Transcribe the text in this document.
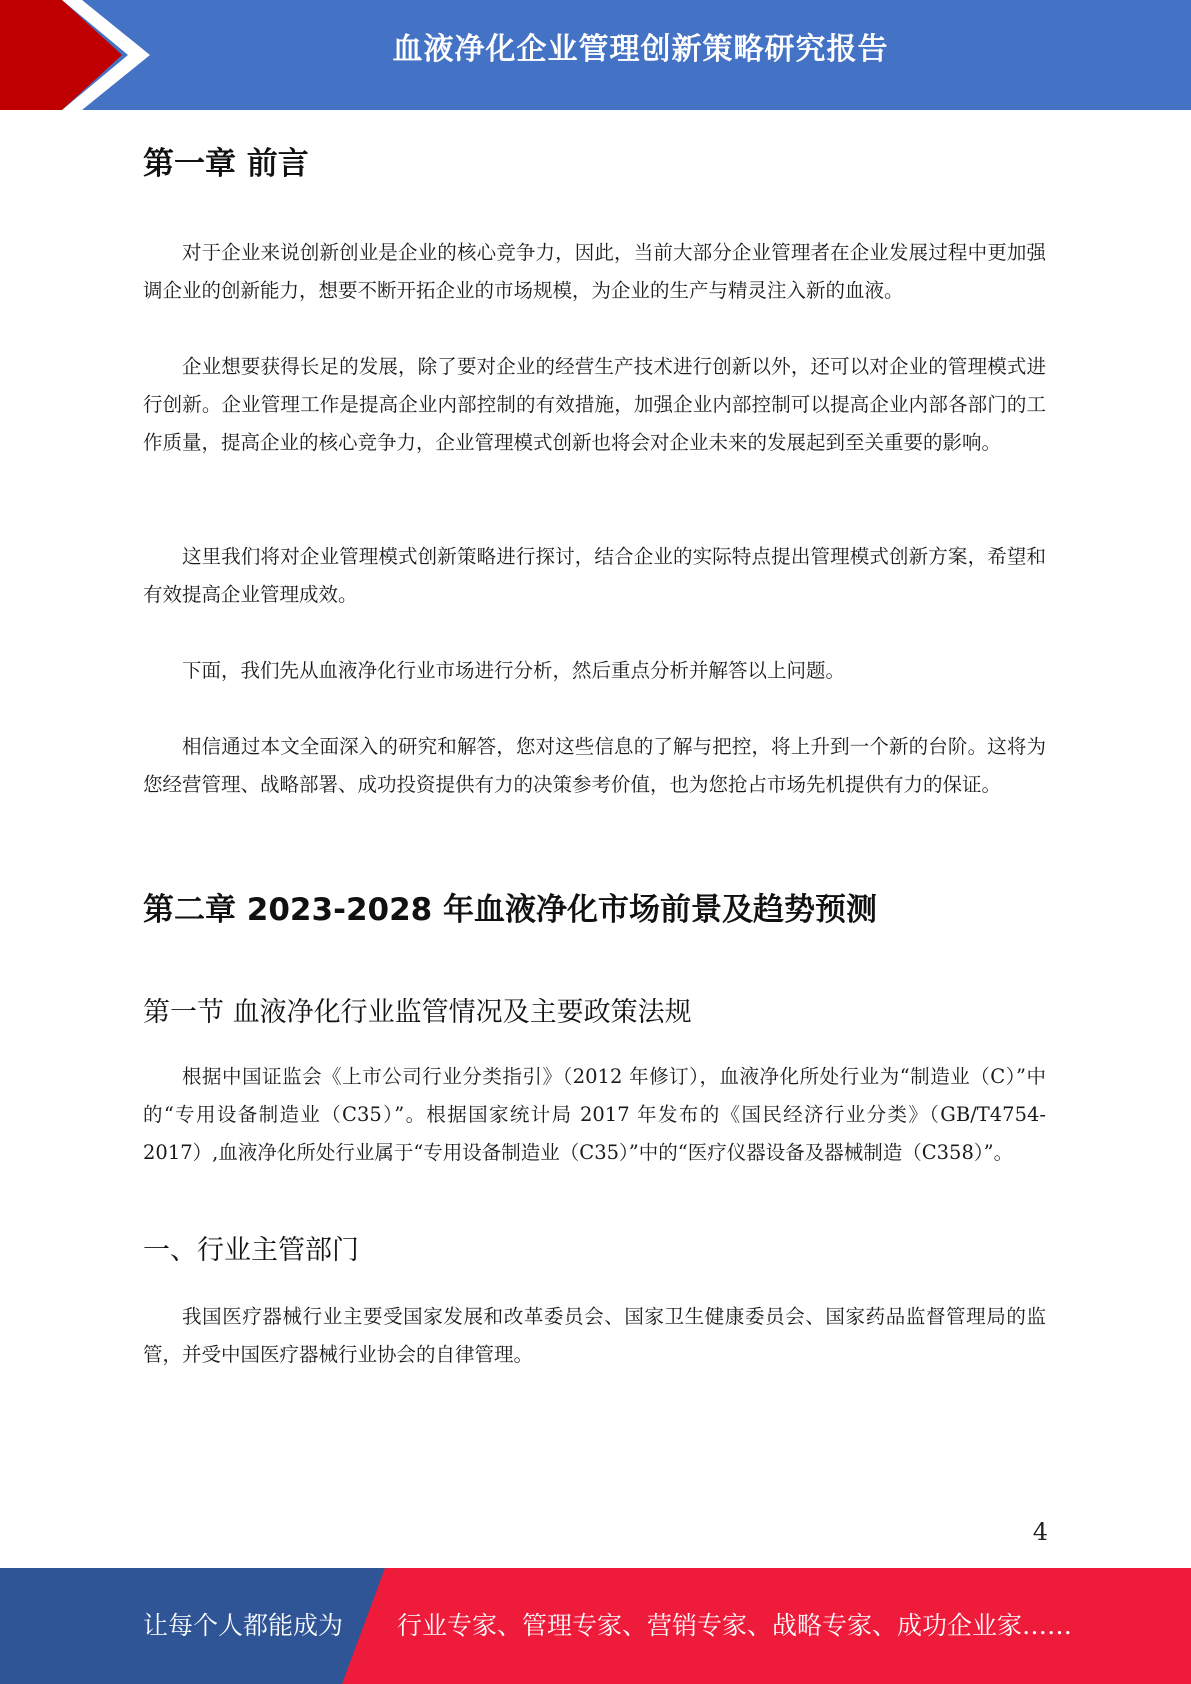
血液净化企业管理创新策略研究报告
第一章 前言

对于企业来说创新创业是企业的核心竞争力，因此，当前大部分企业管理者在企业发展过程中更加强调企业的创新能力，想要不断开拓企业的市场规模，为企业的生产与精灵注入新的血液。

企业想要获得长足的发展，除了要对企业的经营生产技术进行创新以外，还可以对企业的管理模式进行创新。企业管理工作是提高企业内部控制的有效措施，加强企业内部控制可以提高企业内部各部门的工作质量，提高企业的核心竞争力，企业管理模式创新也将会对企业未来的发展起到至关重要的影响。

这里我们将对企业管理模式创新策略进行探讨，结合企业的实际特点提出管理模式创新方案，希望和有效提高企业管理成效。

下面，我们先从血液净化行业市场进行分析，然后重点分析并解答以上问题。

相信通过本文全面深入的研究和解答，您对这些信息的了解与把控，将上升到一个新的台阶。这将为您经营管理、战略部署、成功投资提供有力的决策参考价值，也为您抢占市场先机提供有力的保证。

第二章 2023-2028 年血液净化市场前景及趋势预测
第一节 血液净化行业监管情况及主要政策法规

根据中国证监会《上市公司行业分类指引》（2012 年修订），血液净化所处行业为“制造业（C）”中的“专用设备制造业（C35）”。根据国家统计局 2017 年发布的《国民经济行业分类》（GB/T4754-2017）,血液净化所处行业属于“专用设备制造业（C35）”中的“医疗仪器设备及器械制造（C358）”。

一、行业主管部门

我国医疗器械行业主要受国家发展和改革委员会、国家卫生健康委员会、国家药品监督管理局的监管，并受中国医疗器械行业协会的自律管理。

4
让每个人都能成为 行业专家、管理专家、营销专家、战略专家、成功企业家……
